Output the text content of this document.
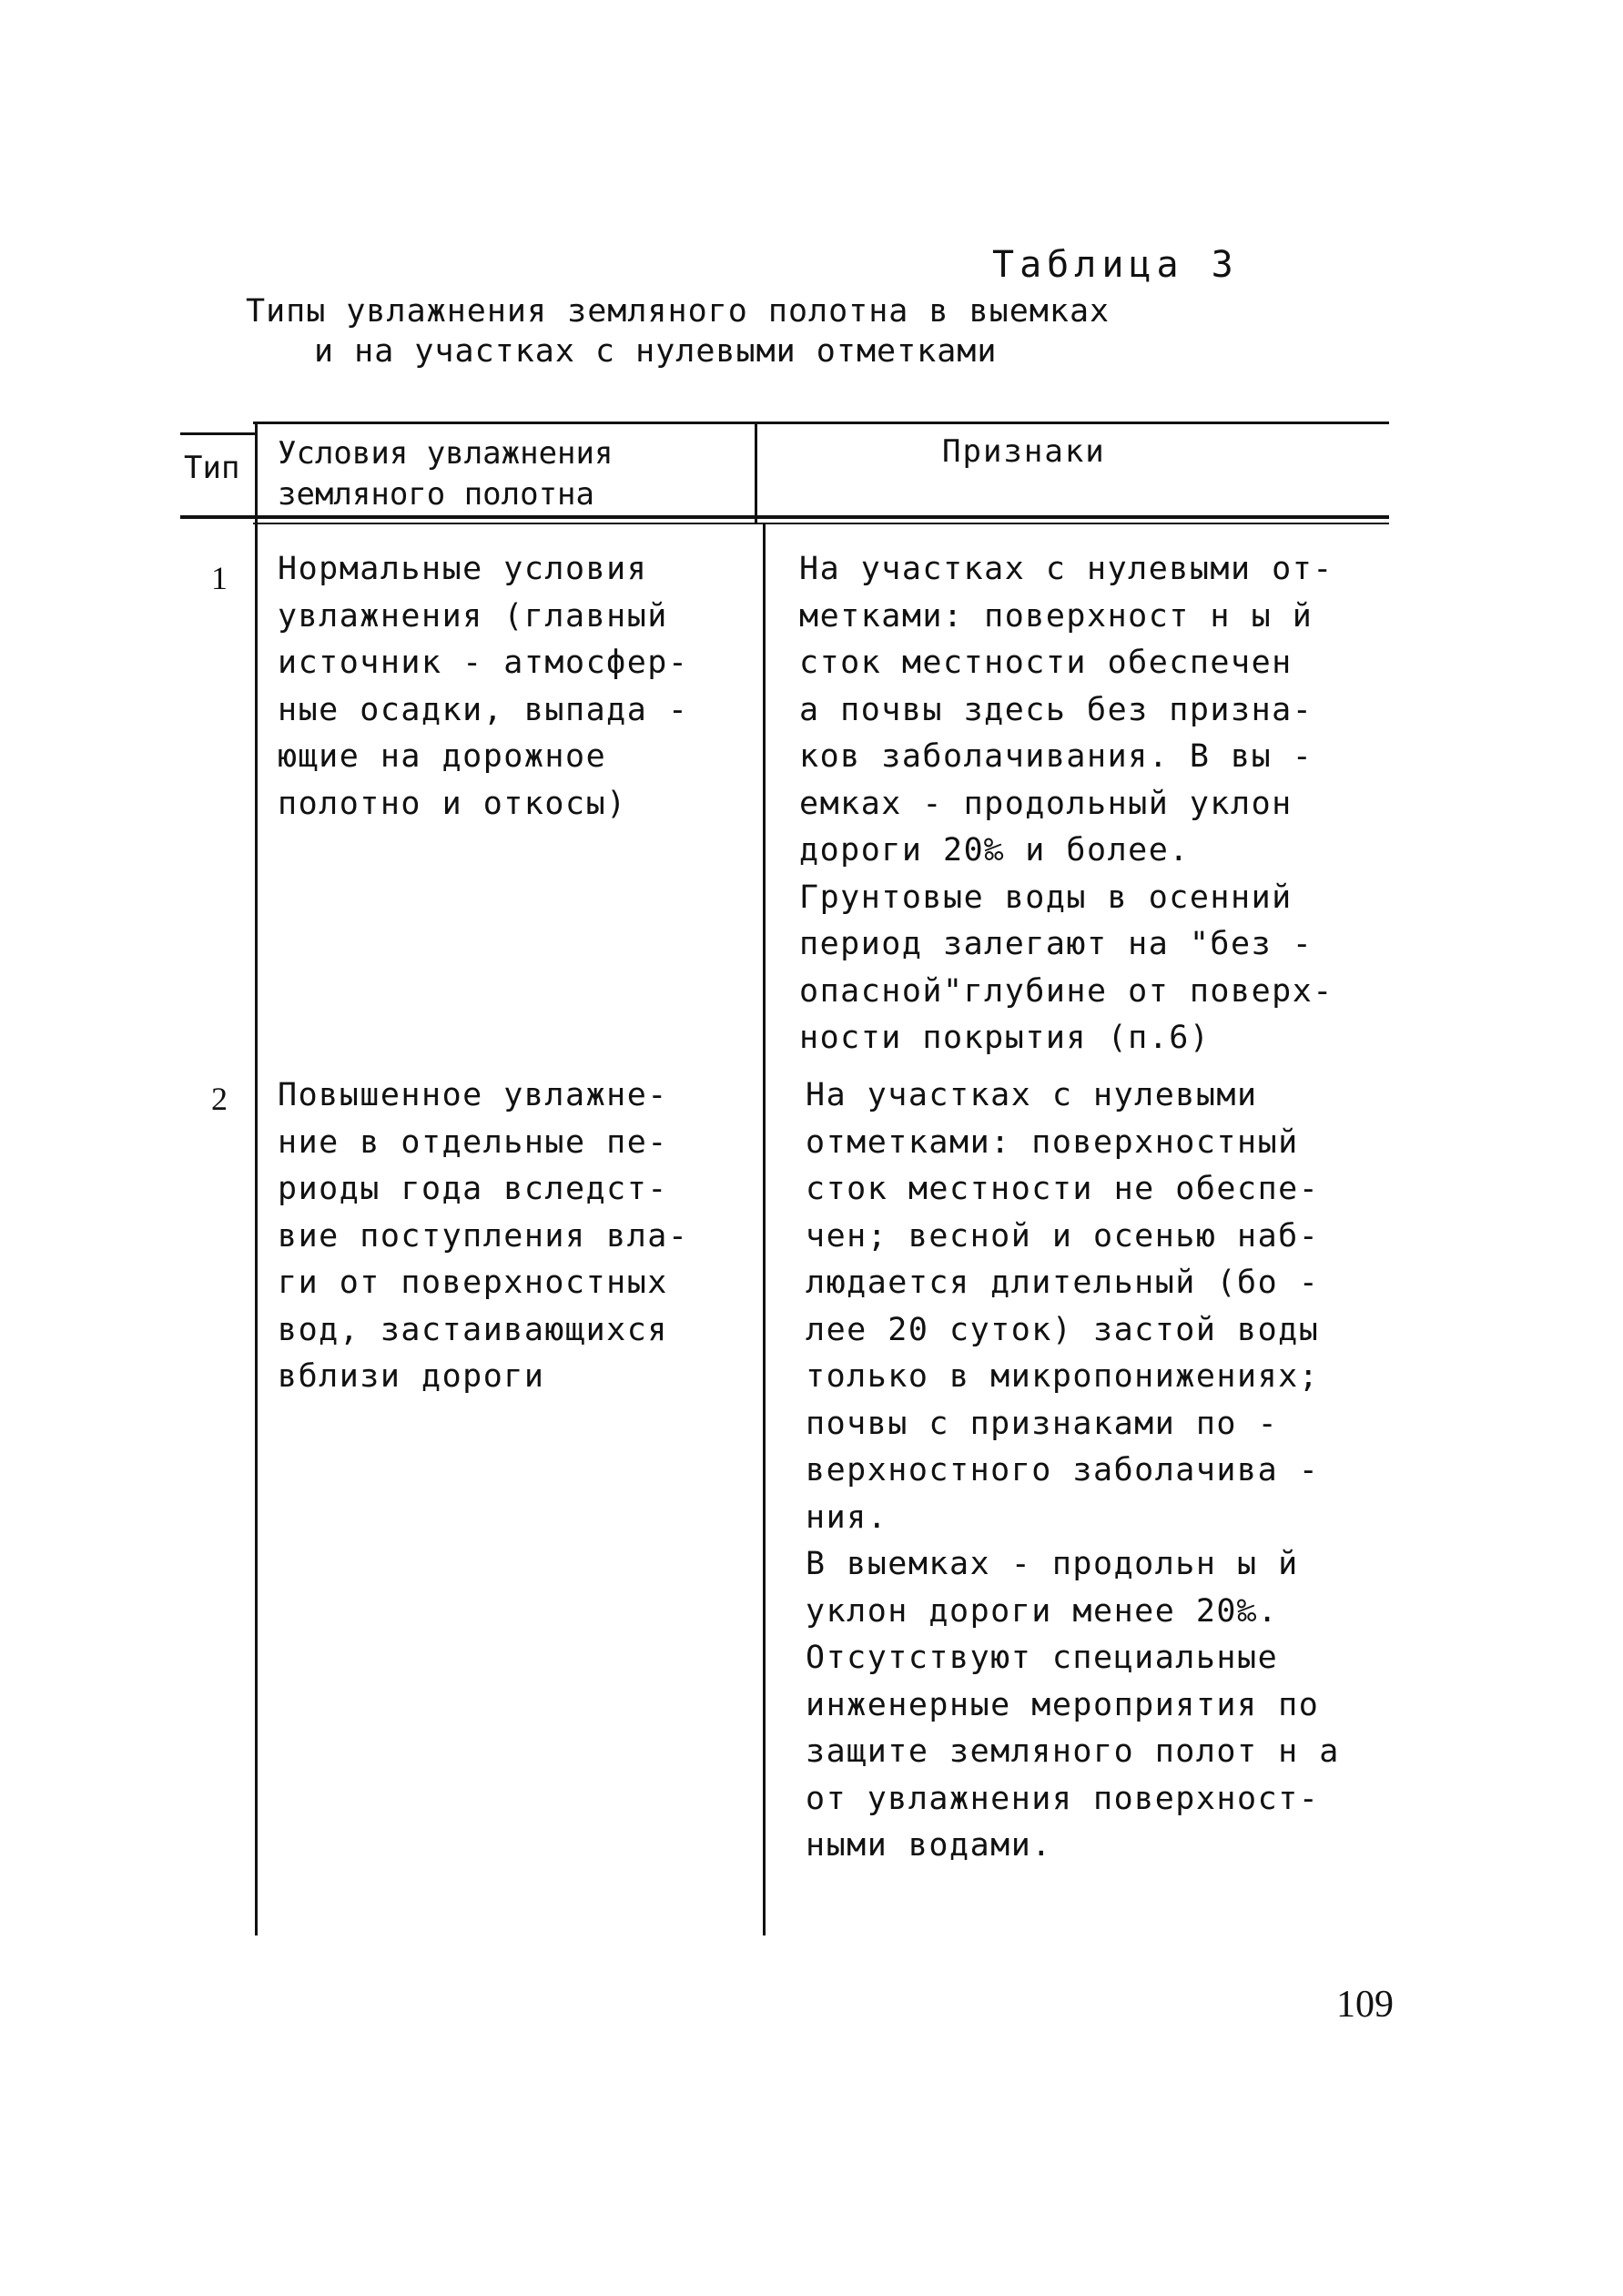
Таблица 3
Типы увлажнения земляного полотна в выемках
и на участках с нулевыми отметками
Тип Условия увлажнения земляного полотна
Признаки
1 Нормальные условия
увлажнения (главный
источник - атмосфер-
ные осадки, выпада -
ющие на дорожное
полотно и откосы)
На участках с нулевыми от-
метками: поверхност н ы й
сток местности обеспечен
а почвы здесь без призна-
ков заболачивания. В вы -
емках - продольный уклон
дороги 20‰ и более.
Грунтовые воды в осенний
период залегают на "без -
опасной"глубине от поверх-
ности покрытия (п.6)
2 Повышенное увлажне-
ние в отдельные пе-
риоды года вследст-
вие поступления вла-
ги от поверхностных
вод, застаивающихся
вблизи дороги
На участках с нулевыми
отметками: поверхностный
сток местности не обеспе-
чен; весной и осенью наб-
людается длительный (бо -
лее 20 суток) застой воды
только в микропонижениях;
почвы с признаками по -
верхностного заболачива -
ния.
В выемках - продольн ы й
уклон дороги менее 20‰.
Отсутствуют специальные
инженерные мероприятия по
защите земляного полот н а
от увлажнения поверхност-
ными водами.
109
